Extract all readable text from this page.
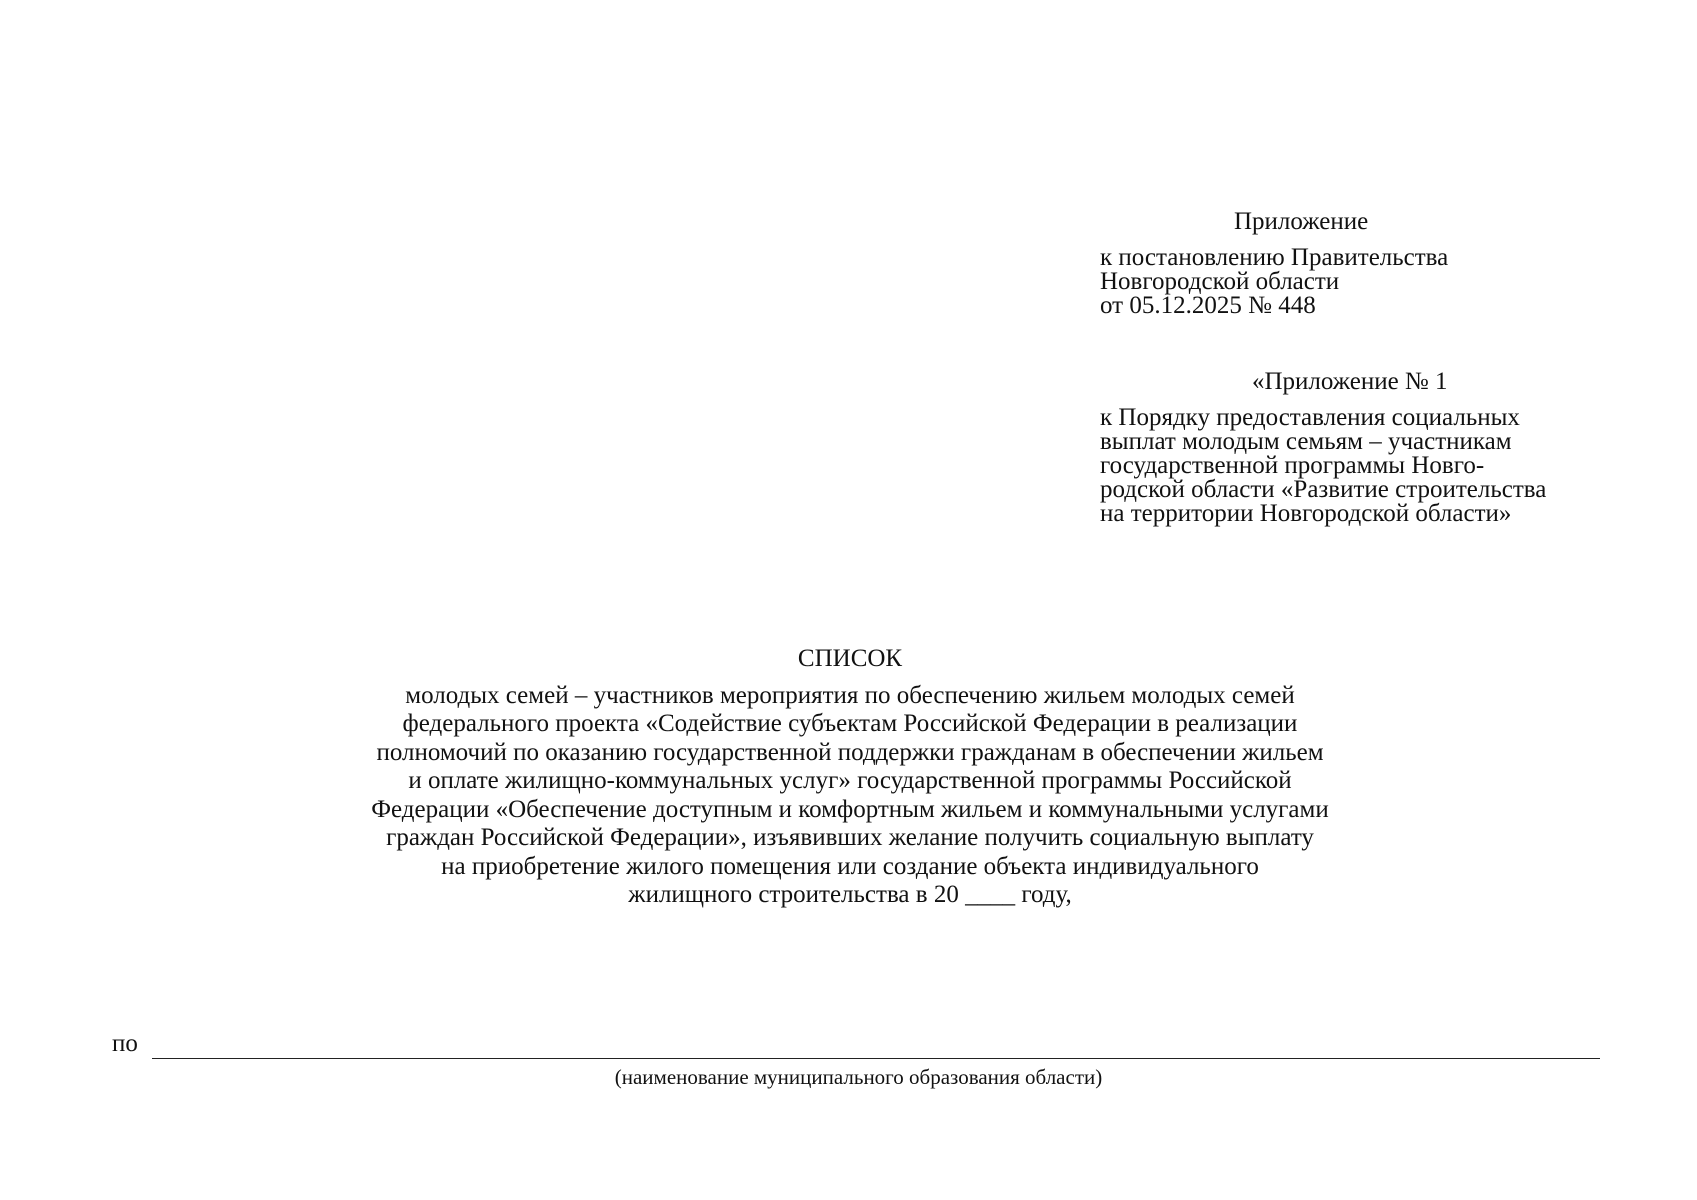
Приложение
к постановлению Правительства
Новгородской области
от 05.12.2025 № 448
«Приложение № 1
к Порядку предоставления социальных
выплат молодым семьям – участникам
государственной программы Новго-
родской области «Развитие строительства
на территории Новгородской области»
СПИСОК
молодых семей – участников мероприятия по обеспечению жильем молодых семей
федерального проекта «Содействие субъектам Российской Федерации в реализации
полномочий по оказанию государственной поддержки гражданам в обеспечении жильем
и оплате жилищно-коммунальных услуг» государственной программы Российской
Федерации «Обеспечение доступным и комфортным жильем и коммунальными услугами
граждан Российской Федерации», изъявивших желание получить социальную выплату
на приобретение жилого помещения или создание объекта индивидуального
жилищного строительства в 20 ____ году,
по
(наименование муниципального образования области)
